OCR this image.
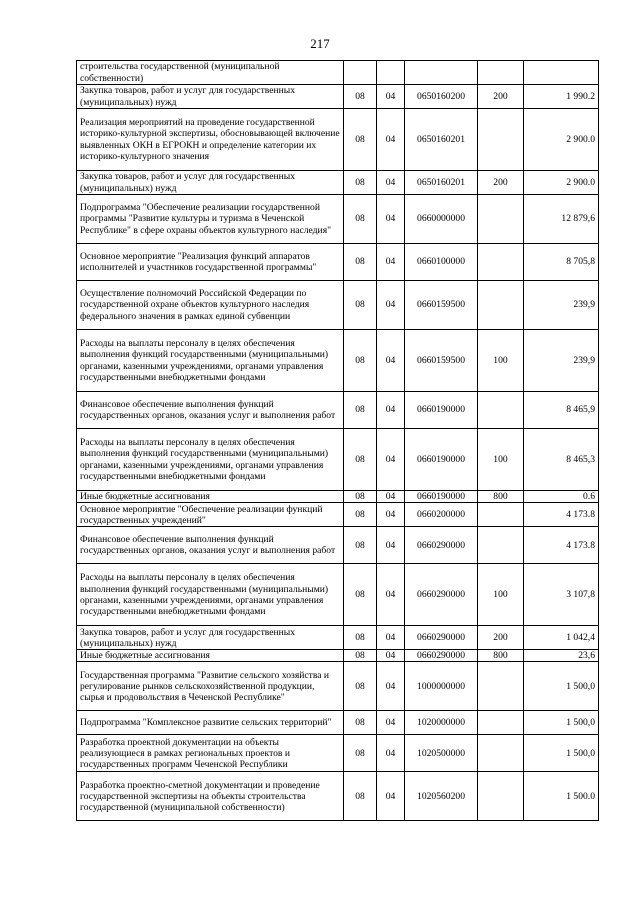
217
строительства государственной (муниципальной собственности)					
Закупка товаров, работ и услуг для государственных (муниципальных) нужд	08	04	0650160200	200	1 990.2
Реализация мероприятий на проведение государственной историко-культурной экспертизы, обосновывающей включение выявленных ОКН в ЕГРОКН и определение категории их историко-культурного значения	08	04	0650160201		2 900.0
Закупка товаров, работ и услуг для государственных (муниципальных) нужд	08	04	0650160201	200	2 900.0
Подпрограмма "Обеспечение реализации государственной программы "Развитие культуры и туризма в Чеченской Республике" в сфере охраны объектов культурного наследия"	08	04	0660000000		12 879,6
Основное мероприятие "Реализация функций аппаратов исполнителей и участников государственной программы"	08	04	0660100000		8 705,8
Осуществление полномочий Российской Федерации по государственной охране объектов культурного наследия федерального значения в рамках единой субвенции	08	04	0660159500		239,9
Расходы на выплаты персоналу в целях обеспечения выполнения функций государственными (муниципальными) органами, казенными учреждениями, органами управления государственными внебюджетными фондами	08	04	0660159500	100	239,9
Финансовое обеспечение выполнения функций государственных органов, оказания услуг и выполнения работ	08	04	0660190000		8 465,9
Расходы на выплаты персоналу в целях обеспечения выполнения функций государственными (муниципальными) органами, казенными учреждениями, органами управления государственными внебюджетными фондами	08	04	0660190000	100	8 465,3
Иные бюджетные ассигнования	08	04	0660190000	800	0.6
Основное мероприятие "Обеспечение реализации функций государственных учреждений"	08	04	0660200000		4 173.8
Финансовое обеспечение выполнения функций государственных органов, оказания услуг и выполнения работ	08	04	0660290000		4 173.8
Расходы на выплаты персоналу в целях обеспечения выполнения функций государственными (муниципальными) органами, казенными учреждениями, органами управления государственными внебюджетными фондами	08	04	0660290000	100	3 107,8
Закупка товаров, работ и услуг для государственных (муниципальных) нужд	08	04	0660290000	200	1 042,4
Иные бюджетные ассигнования	08	04	0660290000	800	23,6
Государственная программа "Развитие сельского хозяйства и регулирование рынков сельскохозяйственной продукции, сырья и продовольствия в Чеченской Республике"	08	04	1000000000		1 500,0
Подпрограмма "Комплексное развитие сельских территорий"	08	04	1020000000		1 500,0
Разработка проектной документации на объекты реализующиеся в рамках региональных проектов и государственных программ Чеченской Республики	08	04	1020500000		1 500,0
Разработка проектно-сметной документации и проведение государственной экспертизы на объекты строительства государственной (муниципальной собственности)	08	04	1020560200		1 500.0
